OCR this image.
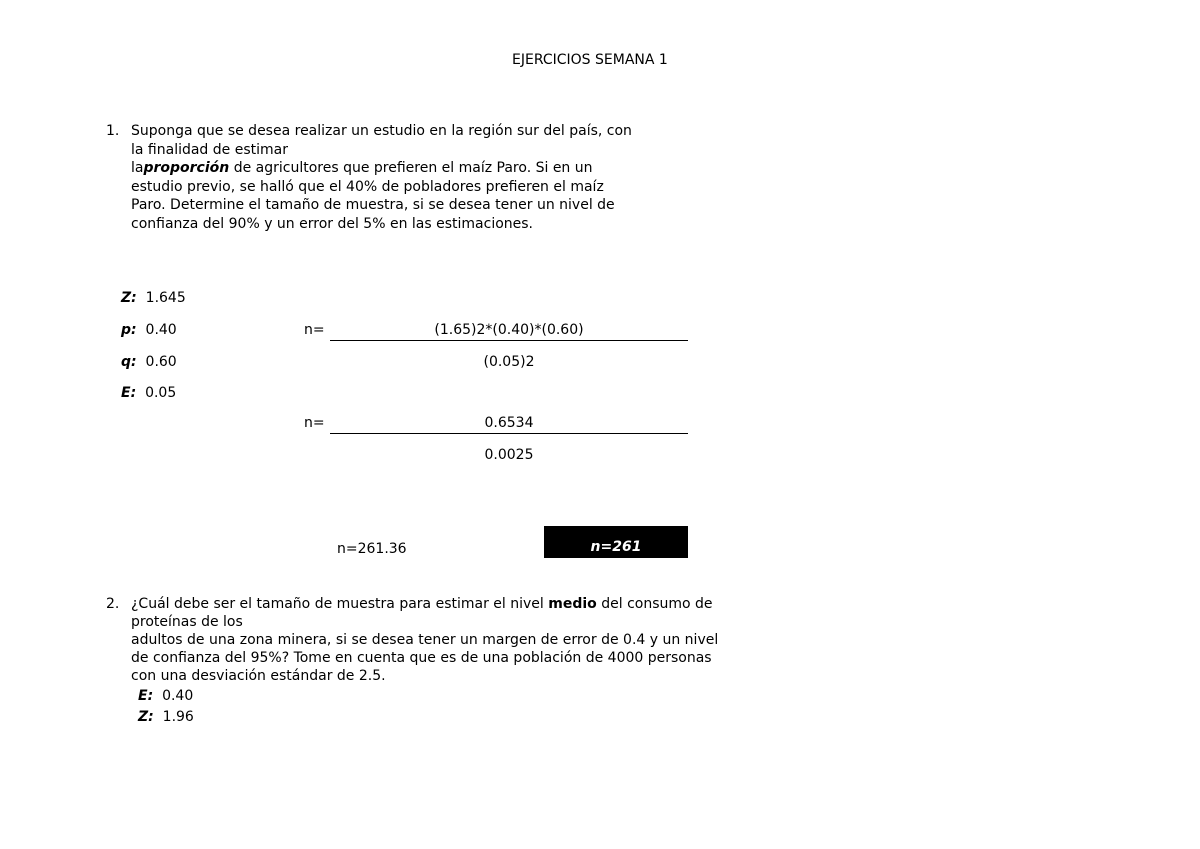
EJERCICIOS SEMANA 1
1. Suponga que se desea realizar un estudio en la región sur del país, con
la finalidad de estimar
laproporción de agricultores que prefieren el maíz Paro. Si en un
estudio previo, se halló que el 40% de pobladores prefieren el maíz
Paro. Determine el tamaño de muestra, si se desea tener un nivel de
confianza del 90% y un error del 5% en las estimaciones.
Z: 1.645
p: 0.40
q: 0.60
E: 0.05
n=	(1.65)2*(0.40)*(0.60)
(0.05)2
n=	0.6534
0.0025
n=261.36	n=261
2. ¿Cuál debe ser el tamaño de muestra para estimar el nivel medio del consumo de
proteínas de los
adultos de una zona minera, si se desea tener un margen de error de 0.4 y un nivel
de confianza del 95%? Tome en cuenta que es de una población de 4000 personas
con una desviación estándar de 2.5.
E: 0.40
Z: 1.96
